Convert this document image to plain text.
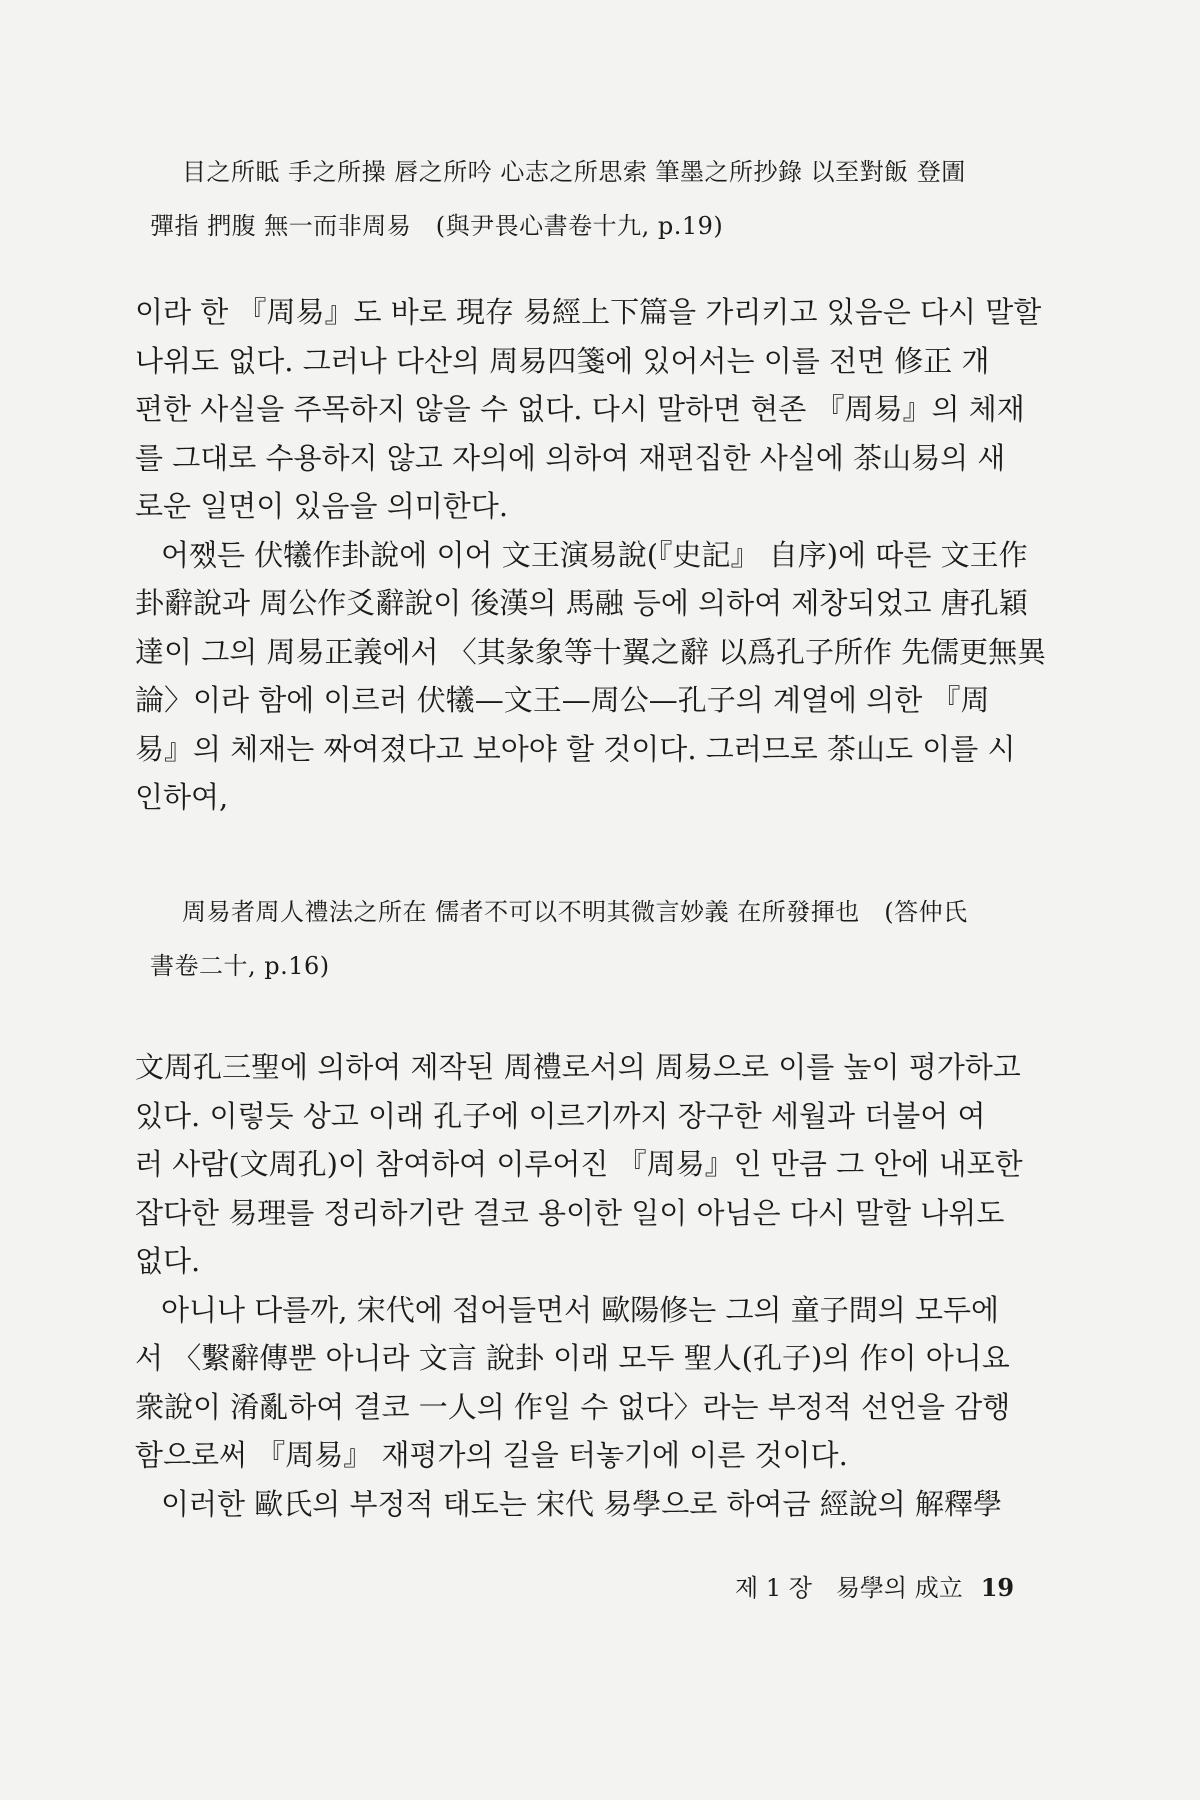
目之所眡 手之所操 唇之所吟 心志之所思索 筆墨之所抄錄 以至對飯 登圊
彈指 捫腹 無一而非周易　(與尹畏心書卷十九, p.19)
이라 한 『周易』도 바로 現存 易經上下篇을 가리키고 있음은 다시 말할
나위도 없다. 그러나 다산의 周易四箋에 있어서는 이를 전면 修正 개
편한 사실을 주목하지 않을 수 없다. 다시 말하면 현존 『周易』의 체재
를 그대로 수용하지 않고 자의에 의하여 재편집한 사실에 茶山易의 새
로운 일면이 있음을 의미한다.
어쨌든 伏犧作卦說에 이어 文王演易說(『史記』 自序)에 따른 文王作
卦辭說과 周公作爻辭說이 後漢의 馬融 등에 의하여 제창되었고 唐孔穎
達이 그의 周易正義에서 〈其彖象等十翼之辭 以爲孔子所作 先儒更無異
論〉이라 함에 이르러 伏犧—文王—周公—孔子의 계열에 의한 『周
易』의 체재는 짜여졌다고 보아야 할 것이다. 그러므로 茶山도 이를 시
인하여,
周易者周人禮法之所在 儒者不可以不明其微言妙義 在所發揮也　(答仲氏
書卷二十, p.16)
文周孔三聖에 의하여 제작된 周禮로서의 周易으로 이를 높이 평가하고
있다. 이렇듯 상고 이래 孔子에 이르기까지 장구한 세월과 더불어 여
러 사람(文周孔)이 참여하여 이루어진 『周易』인 만큼 그 안에 내포한
잡다한 易理를 정리하기란 결코 용이한 일이 아님은 다시 말할 나위도
없다.
아니나 다를까, 宋代에 접어들면서 歐陽修는 그의 童子問의 모두에
서 〈繫辭傳뿐 아니라 文言 說卦 이래 모두 聖人(孔子)의 作이 아니요
衆說이 淆亂하여 결코 一人의 作일 수 없다〉라는 부정적 선언을 감행
함으로써 『周易』 재평가의 길을 터놓기에 이른 것이다.
이러한 歐氏의 부정적 태도는 宋代 易學으로 하여금 經說의 解釋學
제 1 장　易學의 成立 19
